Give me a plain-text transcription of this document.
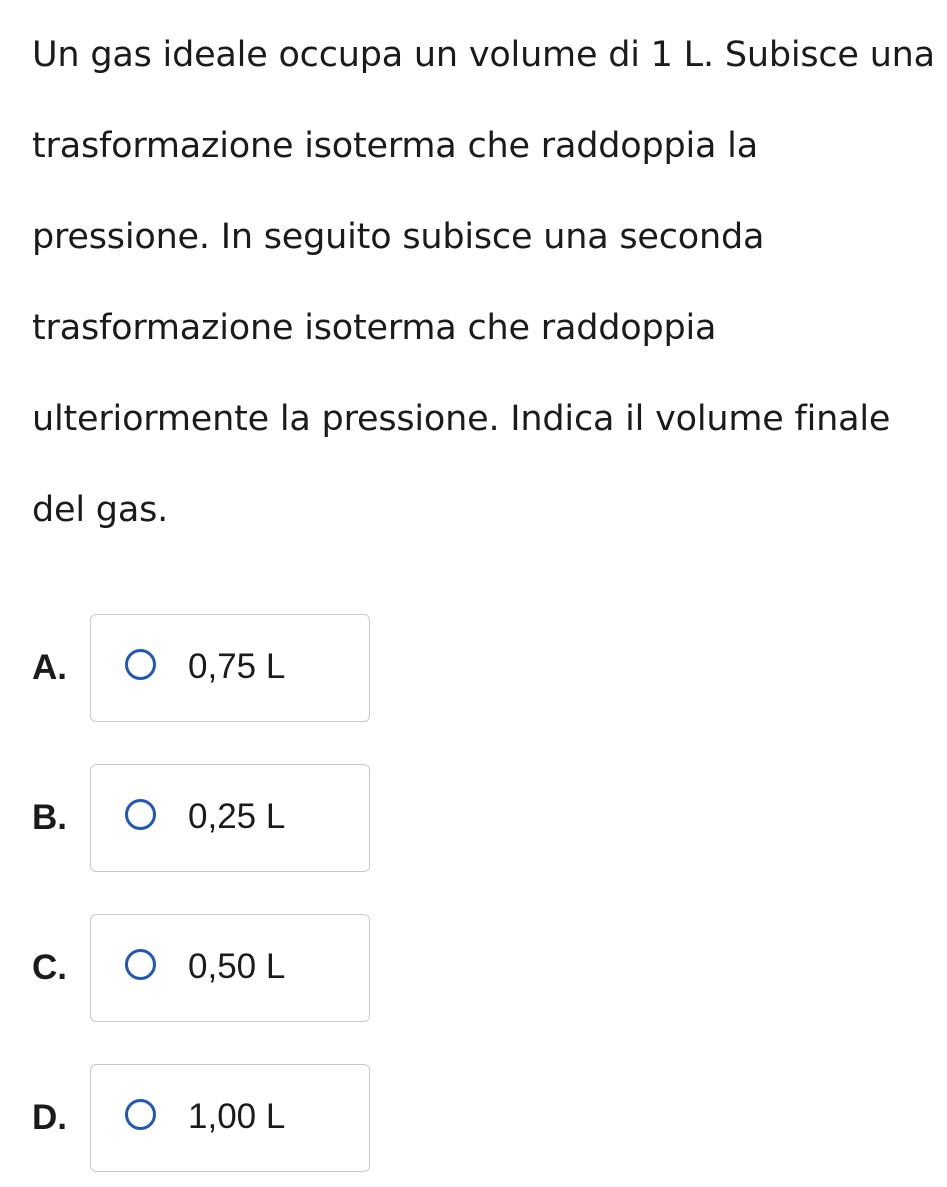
Un gas ideale occupa un volume di 1 L. Subisce una trasformazione isoterma che raddoppia la pressione. In seguito subisce una seconda trasformazione isoterma che raddoppia ulteriormente la pressione. Indica il volume finale del gas.

A.	0,75 L
B.	0,25 L
C.	0,50 L
D.	1,00 L
